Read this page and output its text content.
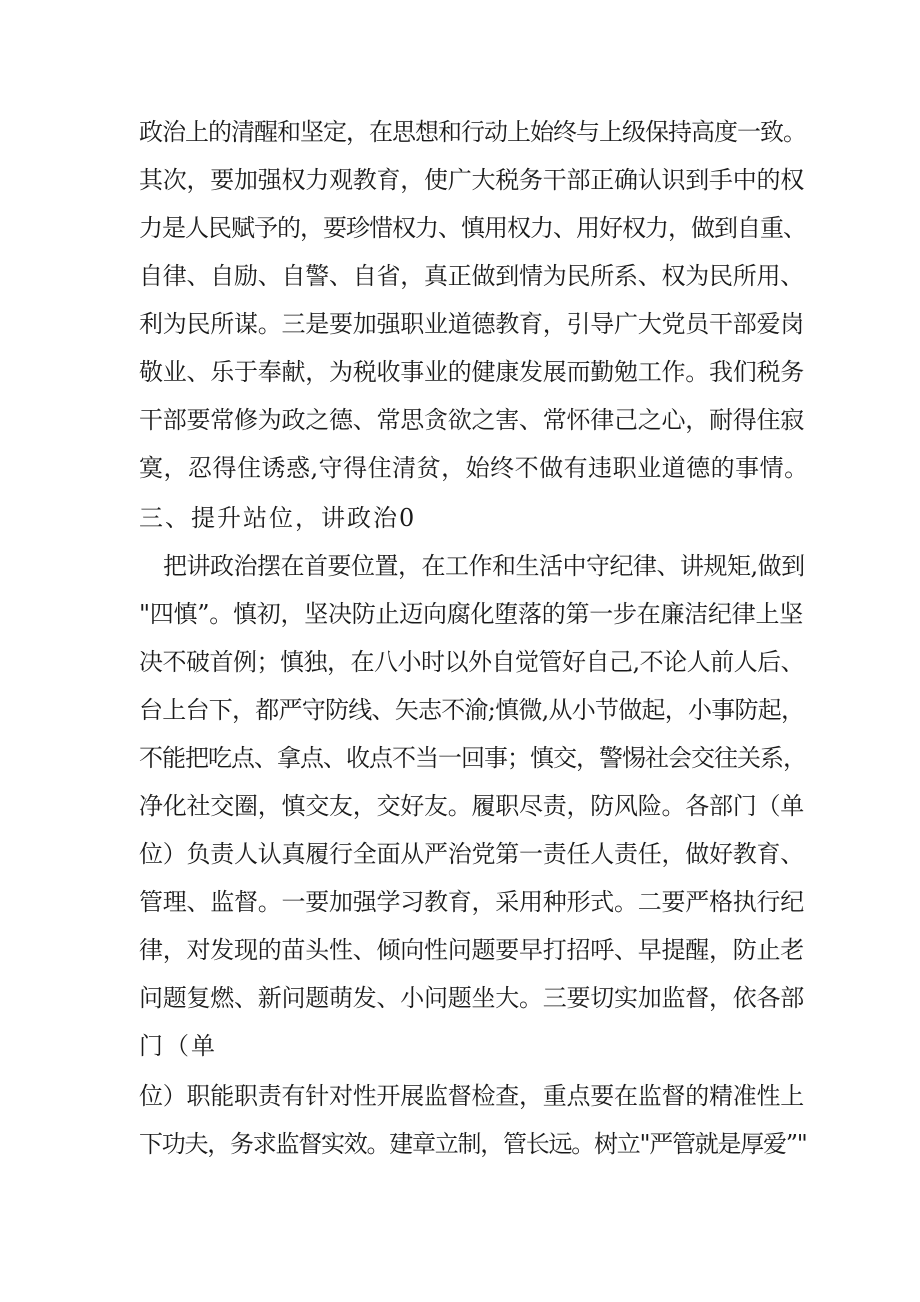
政治上的清醒和坚定，在思想和行动上始终与上级保持高度一致。
其次，要加强权力观教育，使广大税务干部正确认识到手中的权
力是人民赋予的，要珍惜权力、慎用权力、用好权力，做到自重、
自律、自励、自警、自省，真正做到情为民所系、权为民所用、
利为民所谋。三是要加强职业道德教育，引导广大党员干部爱岗
敬业、乐于奉献，为税收事业的健康发展而勤勉工作。我们税务
干部要常修为政之德、常思贪欲之害、常怀律己之心，耐得住寂
寞，忍得住诱惑,守得住清贫，始终不做有违职业道德的事情。
三、提升站位，讲政治0
把讲政治摆在首要位置，在工作和生活中守纪律、讲规矩,做到
"四慎”。慎初，坚决防止迈向腐化堕落的第一步在廉洁纪律上坚
决不破首例；慎独，在八小时以外自觉管好自己,不论人前人后、
台上台下，都严守防线、矢志不渝;慎微,从小节做起，小事防起，
不能把吃点、拿点、收点不当一回事；慎交，警惕社会交往关系，
净化社交圈，慎交友，交好友。履职尽责，防风险。各部门（单
位）负责人认真履行全面从严治党第一责任人责任，做好教育、
管理、监督。一要加强学习教育，采用种形式。二要严格执行纪
律，对发现的苗头性、倾向性问题要早打招呼、早提醒，防止老
问题复燃、新问题萌发、小问题坐大。三要切实加监督，依各部
门（单
位）职能职责有针对性开展监督检查，重点要在监督的精准性上
下功夫，务求监督实效。建章立制，管长远。树立"严管就是厚爱”"
